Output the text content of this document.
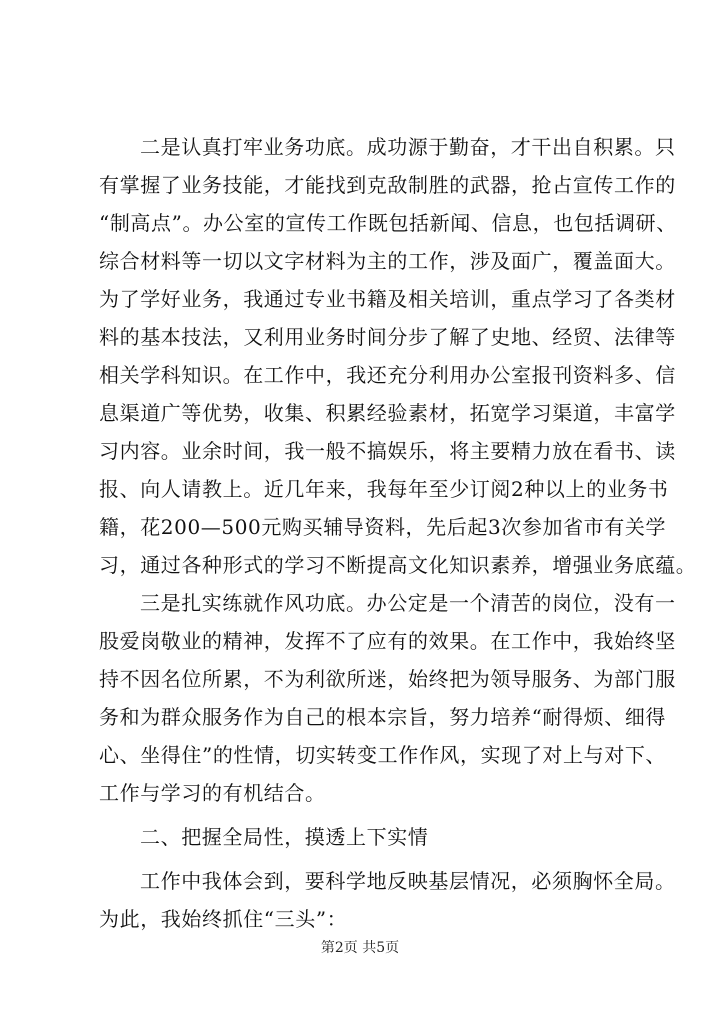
二是认真打牢业务功底。成功源于勤奋，才干出自积累。只
有掌握了业务技能，才能找到克敌制胜的武器，抢占宣传工作的
“制高点”。办公室的宣传工作既包括新闻、信息，也包括调研、
综合材料等一切以文字材料为主的工作，涉及面广，覆盖面大。
为了学好业务，我通过专业书籍及相关培训，重点学习了各类材
料的基本技法，又利用业务时间分步了解了史地、经贸、法律等
相关学科知识。在工作中，我还充分利用办公室报刊资料多、信
息渠道广等优势，收集、积累经验素材，拓宽学习渠道，丰富学
习内容。业余时间，我一般不搞娱乐，将主要精力放在看书、读
报、向人请教上。近几年来，我每年至少订阅2种以上的业务书
籍，花200—500元购买辅导资料，先后起3次参加省市有关学
习，通过各种形式的学习不断提高文化知识素养，增强业务底蕴。
三是扎实练就作风功底。办公定是一个清苦的岗位，没有一
股爱岗敬业的精神，发挥不了应有的效果。在工作中，我始终坚
持不因名位所累，不为利欲所迷，始终把为领导服务、为部门服
务和为群众服务作为自己的根本宗旨，努力培养“耐得烦、细得
心、坐得住”的性情，切实转变工作作风，实现了对上与对下、
工作与学习的有机结合。
二、把握全局性，摸透上下实情
工作中我体会到，要科学地反映基层情况，必须胸怀全局。
为此，我始终抓住“三头”：
第2页 共5页
